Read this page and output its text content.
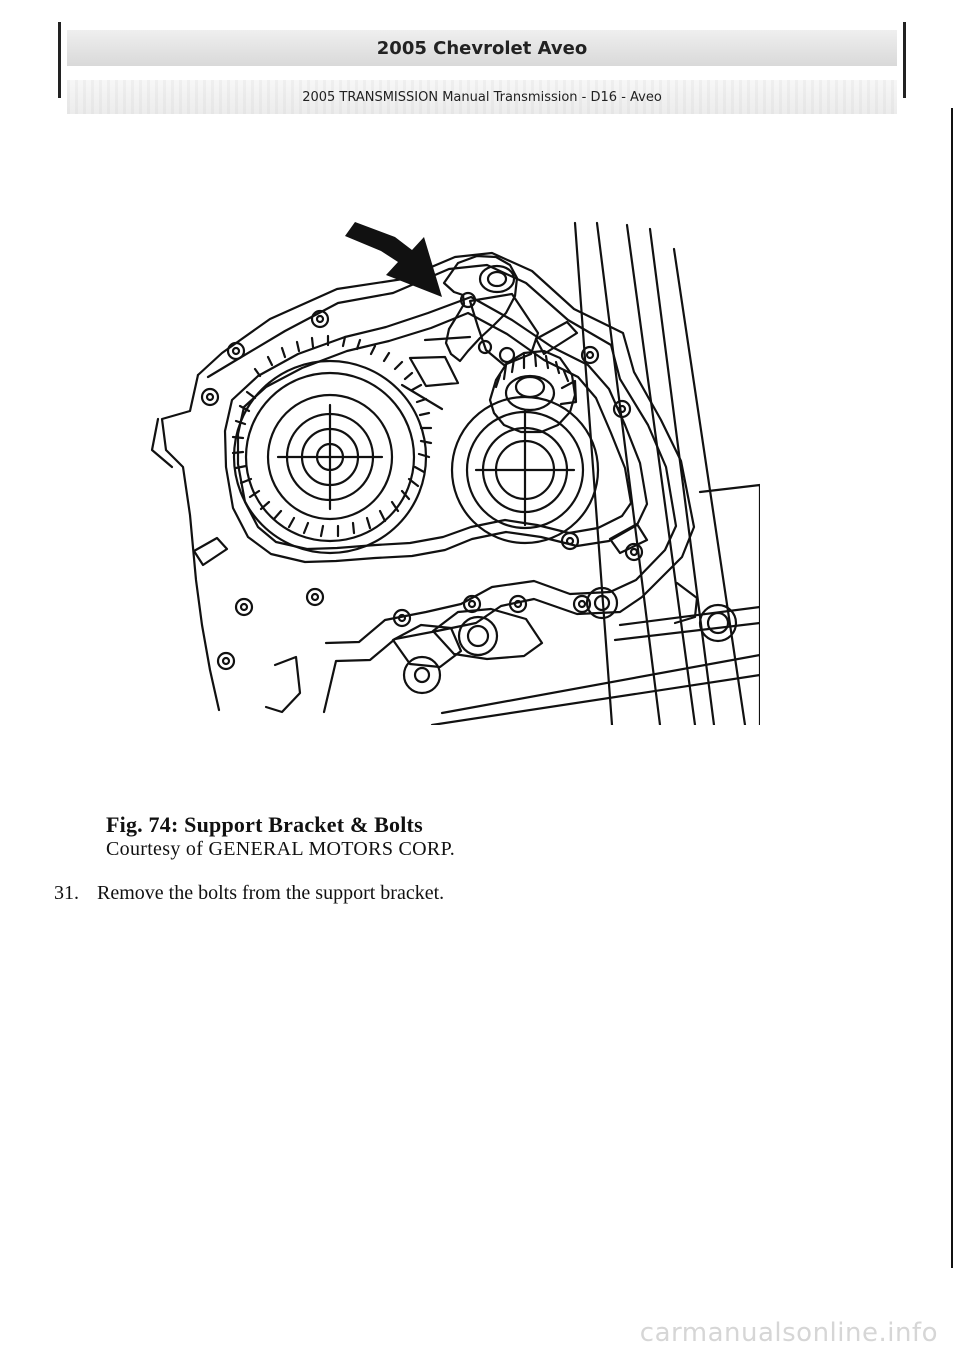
2005 Chevrolet Aveo
2005 TRANSMISSION Manual Transmission - D16 - Aveo
Fig. 74: Support Bracket & Bolts
Courtesy of GENERAL MOTORS CORP.
31. Remove the bolts from the support bracket.
carmanualsonline.info
